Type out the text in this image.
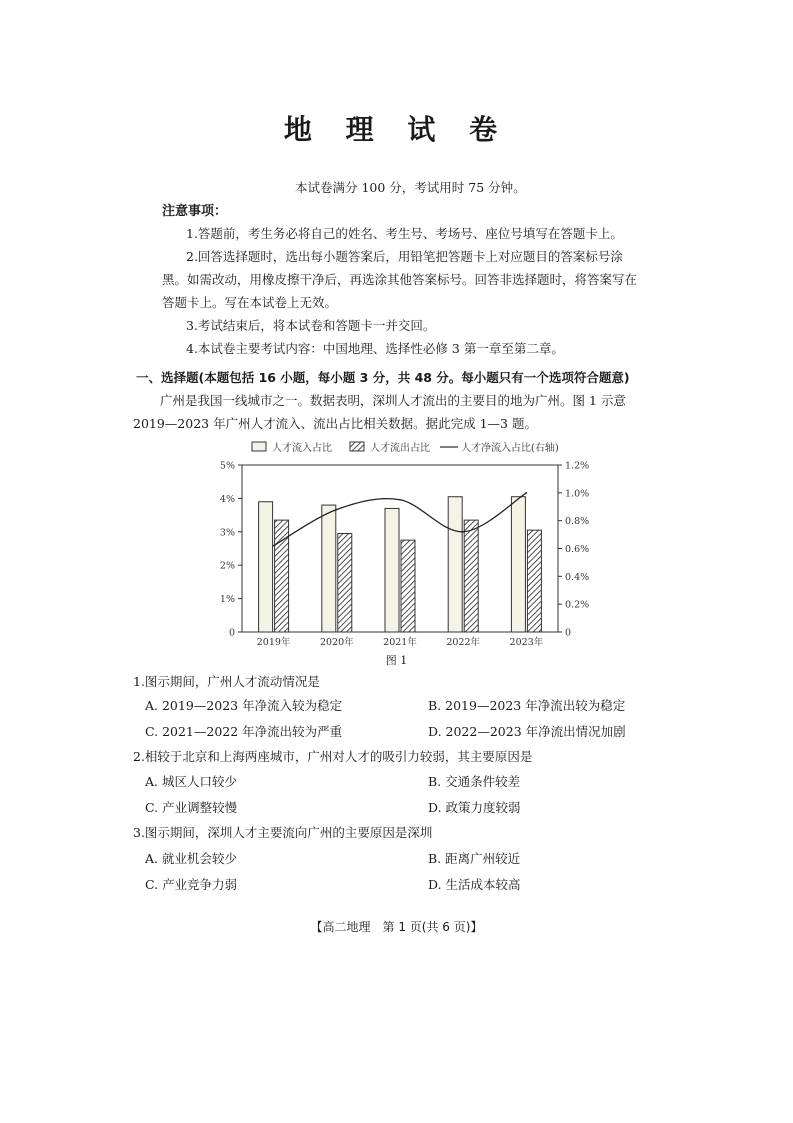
地 理 试 卷
本试卷满分 100 分，考试用时 75 分钟。
注意事项：
1.答题前，考生务必将自己的姓名、考生号、考场号、座位号填写在答题卡上。
2.回答选择题时，选出每小题答案后，用铅笔把答题卡上对应题目的答案标号涂
黑。如需改动，用橡皮擦干净后，再选涂其他答案标号。回答非选择题时，将答案写在
答题卡上。写在本试卷上无效。
3.考试结束后，将本试卷和答题卡一并交回。
4.本试卷主要考试内容：中国地理、选择性必修 3 第一章至第二章。
一、选择题(本题包括 16 小题，每小题 3 分，共 48 分。每小题只有一个选项符合题意)
广州是我国一线城市之一。数据表明，深圳人才流出的主要目的地为广州。图 1 示意
2019—2023 年广州人才流入、流出占比相关数据。据此完成 1—3 题。
人才流入占比	人才流出占比	人才净流入占比(右轴)
0
1%
2%
3%
4%
5%
0
0.2%
0.4%
0.6%
0.8%
1.0%
1.2%
2019年	2020年	2021年	2022年	2023年
图 1
1.图示期间，广州人才流动情况是
A. 2019—2023 年净流入较为稳定	B. 2019—2023 年净流出较为稳定
C. 2021—2022 年净流出较为严重	D. 2022—2023 年净流出情况加剧
2.相较于北京和上海两座城市，广州对人才的吸引力较弱，其主要原因是
A. 城区人口较少	B. 交通条件较差
C. 产业调整较慢	D. 政策力度较弱
3.图示期间，深圳人才主要流向广州的主要原因是深圳
A. 就业机会较少	B. 距离广州较近
C. 产业竞争力弱	D. 生活成本较高
【高二地理　第 1 页(共 6 页)】
